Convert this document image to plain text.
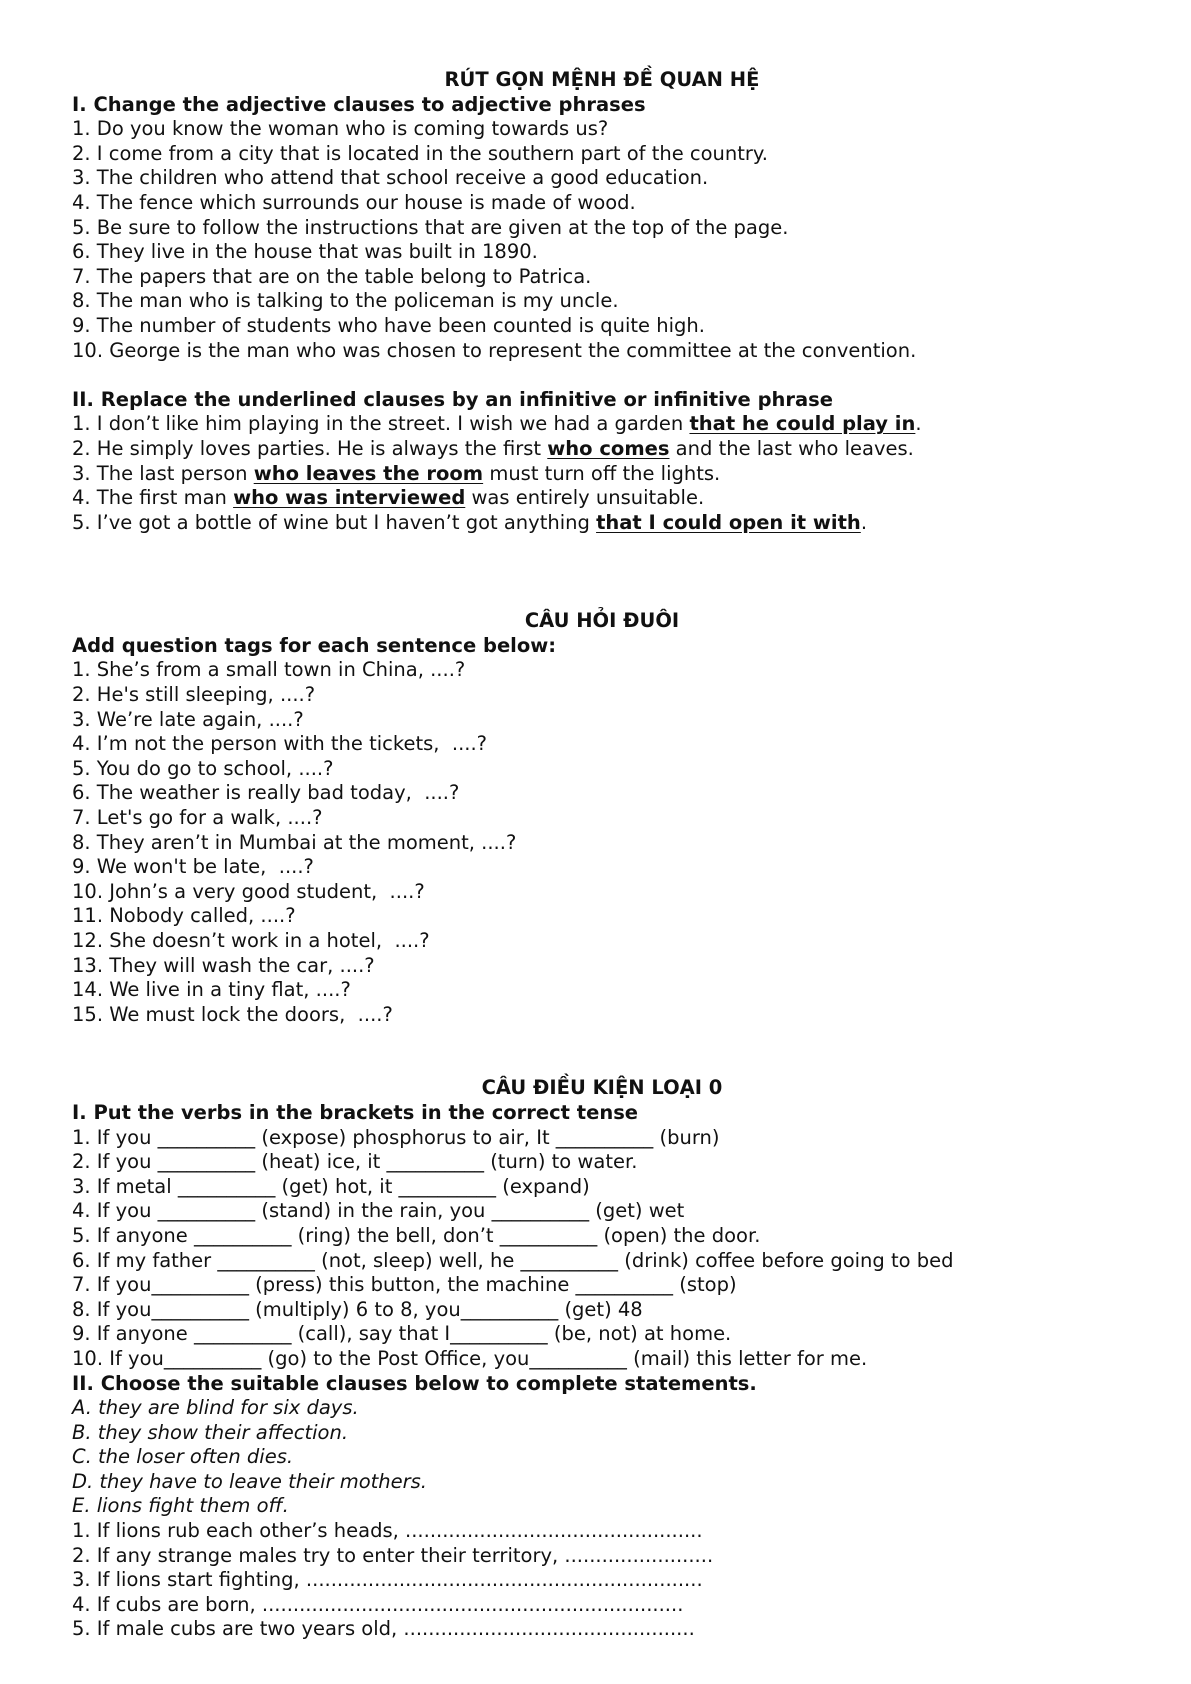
RÚT GỌN MỆNH ĐỀ QUAN HỆ
I. Change the adjective clauses to adjective phrases
1. Do you know the woman who is coming towards us?
2. I come from a city that is located in the southern part of the country.
3. The children who attend that school receive a good education.
4. The fence which surrounds our house is made of wood.
5. Be sure to follow the instructions that are given at the top of the page.
6. They live in the house that was built in 1890.
7. The papers that are on the table belong to Patrica.
8. The man who is talking to the policeman is my uncle.
9. The number of students who have been counted is quite high.
10. George is the man who was chosen to represent the committee at the convention.
II. Replace the underlined clauses by an infinitive or infinitive phrase
1. I don’t like him playing in the street. I wish we had a garden that he could play in.
2. He simply loves parties. He is always the first who comes and the last who leaves.
3. The last person who leaves the room must turn off the lights.
4. The first man who was interviewed was entirely unsuitable.
5. I’ve got a bottle of wine but I haven’t got anything that I could open it with.
CÂU HỎI ĐUÔI
Add question tags for each sentence below:
1. She’s from a small town in China, ....?
2. He's still sleeping, ....?
3. We’re late again, ....?
4. I’m not the person with the tickets,  ....?
5. You do go to school, ....?
6. The weather is really bad today,  ....?
7. Let's go for a walk, ....?
8. They aren’t in Mumbai at the moment, ....?
9. We won't be late,  ....?
10. John’s a very good student,  ....?
11. Nobody called, ....?
12. She doesn’t work in a hotel,  ....?
13. They will wash the car, ....?
14. We live in a tiny flat, ....?
15. We must lock the doors,  ....?
CÂU ĐIỀU KIỆN LOẠI 0
I. Put the verbs in the brackets in the correct tense
1. If you __________ (expose) phosphorus to air, It __________ (burn)
2. If you __________ (heat) ice, it __________ (turn) to water.
3. If metal __________ (get) hot, it __________ (expand)
4. If you __________ (stand) in the rain, you __________ (get) wet
5. If anyone __________ (ring) the bell, don’t __________ (open) the door.
6. If my father __________ (not, sleep) well, he __________ (drink) coffee before going to bed
7. If you__________ (press) this button, the machine __________ (stop)
8. If you__________ (multiply) 6 to 8, you__________ (get) 48
9. If anyone __________ (call), say that I__________ (be, not) at home.
10. If you__________ (go) to the Post Office, you__________ (mail) this letter for me.
II. Choose the suitable clauses below to complete statements.
A. they are blind for six days.
B. they show their affection.
C. the loser often dies.
D. they have to leave their mothers.
E. lions fight them off.
1. If lions rub each other’s heads, ................................................
2. If any strange males try to enter their territory, ........................
3. If lions start fighting, ................................................................
4. If cubs are born, ....................................................................
5. If male cubs are two years old, ...............................................
